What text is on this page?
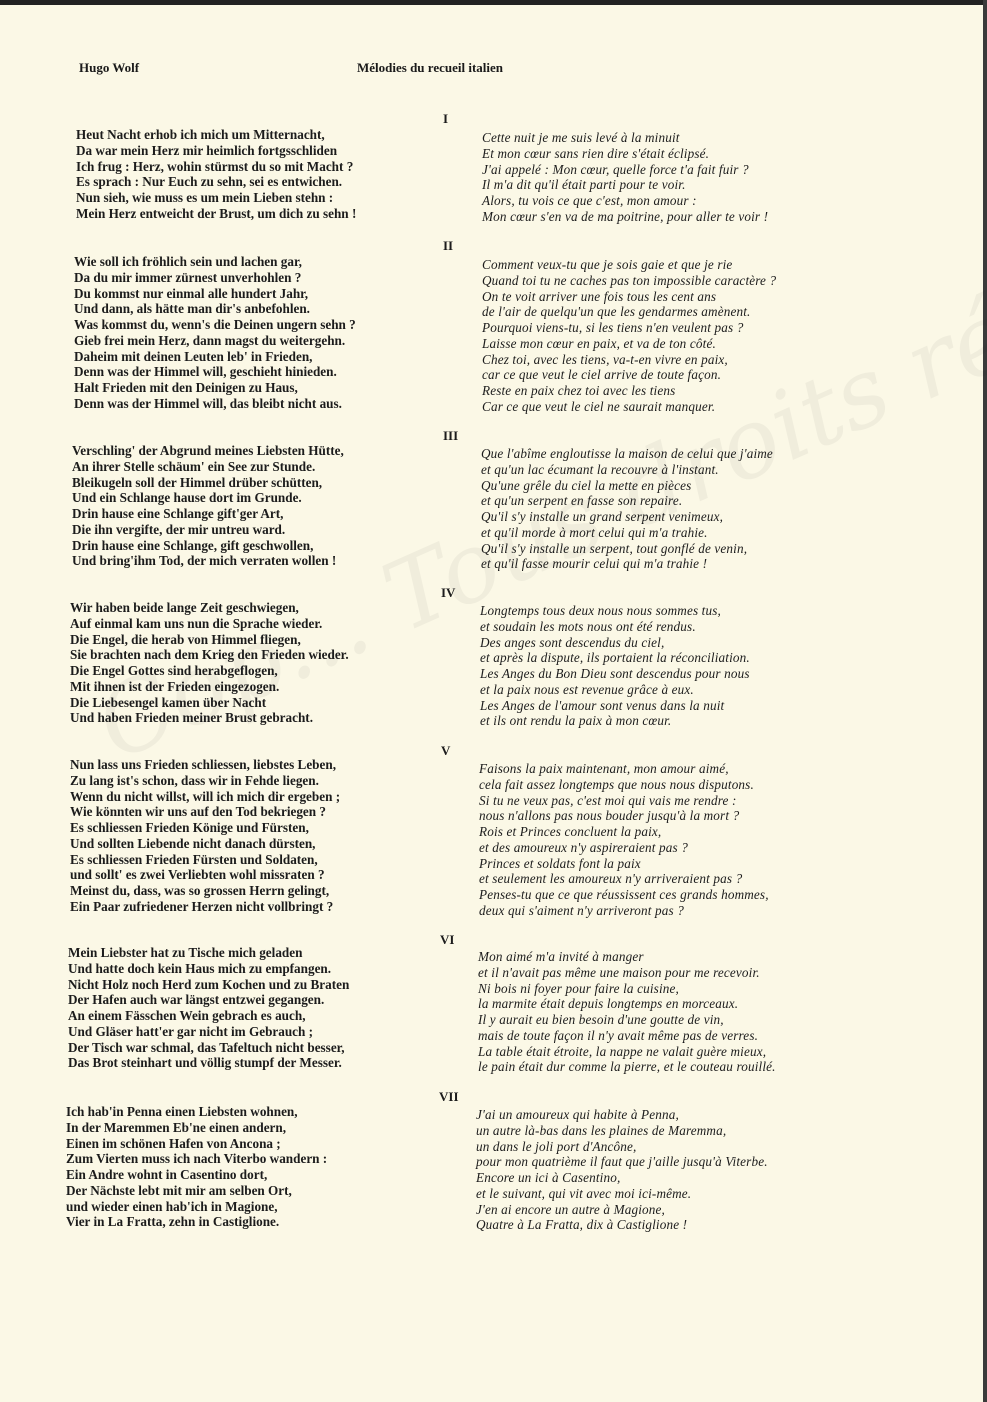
Hugo Wolf	Mélodies du recueil italien
I
Heut Nacht erhob ich mich um Mitternacht,
Da war mein Herz mir heimlich fortgsschliden
Ich frug : Herz, wohin stürmst du so mit Macht ?
Es sprach : Nur Euch zu sehn, sei es entwichen.
Nun sieh, wie muss es um mein Lieben stehn :
Mein Herz entweicht der Brust, um dich zu sehn !
Cette nuit je me suis levé à la minuit
Et mon cœur sans rien dire s'était éclipsé.
J'ai appelé : Mon cœur, quelle force t'a fait fuir ?
Il m'a dit qu'il était parti pour te voir.
Alors, tu vois ce que c'est, mon amour :
Mon cœur s'en va de ma poitrine, pour aller te voir !
II
Wie soll ich fröhlich sein und lachen gar,
Da du mir immer zürnest unverhohlen ?
Du kommst nur einmal alle hundert Jahr,
Und dann, als hätte man dir's anbefohlen.
Was kommst du, wenn's die Deinen ungern sehn ?
Gieb frei mein Herz, dann magst du weitergehn.
Daheim mit deinen Leuten leb' in Frieden,
Denn was der Himmel will, geschieht hinieden.
Halt Frieden mit den Deinigen zu Haus,
Denn was der Himmel will, das bleibt nicht aus.
Comment veux-tu que je sois gaie et que je rie
Quand toi tu ne caches pas ton impossible caractère ?
On te voit arriver une fois tous les cent ans
de l'air de quelqu'un que les gendarmes amènent.
Pourquoi viens-tu, si les tiens n'en veulent pas ?
Laisse mon cœur en paix, et va de ton côté.
Chez toi, avec les tiens, va-t-en vivre en paix,
car ce que veut le ciel arrive de toute façon.
Reste en paix chez toi avec les tiens
Car ce que veut le ciel ne saurait manquer.
III
Verschling' der Abgrund meines Liebsten Hütte,
An ihrer Stelle schäum' ein See zur Stunde.
Bleikugeln soll der Himmel drüber schütten,
Und ein Schlange hause dort im Grunde.
Drin hause eine Schlange gift'ger Art,
Die ihn vergifte, der mir untreu ward.
Drin hause eine Schlange, gift geschwollen,
Und bring'ihm Tod, der mich verraten wollen !
Que l'abîme engloutisse la maison de celui que j'aime
et qu'un lac écumant la recouvre à l'instant.
Qu'une grêle du ciel la mette en pièces
et qu'un serpent en fasse son repaire.
Qu'il s'y installe un grand serpent venimeux,
et qu'il morde à mort celui qui m'a trahie.
Qu'il s'y installe un serpent, tout gonflé de venin,
et qu'il fasse mourir celui qui m'a trahie !
IV
Wir haben beide lange Zeit geschwiegen,
Auf einmal kam uns nun die Sprache wieder.
Die Engel, die herab von Himmel fliegen,
Sie brachten nach dem Krieg den Frieden wieder.
Die Engel Gottes sind herabgeflogen,
Mit ihnen ist der Frieden eingezogen.
Die Liebesengel kamen über Nacht
Und haben Frieden meiner Brust gebracht.
Longtemps tous deux nous nous sommes tus,
et soudain les mots nous ont été rendus.
Des anges sont descendus du ciel,
et après la dispute, ils portaient la réconciliation.
Les Anges du Bon Dieu sont descendus pour nous
et la paix nous est revenue grâce à eux.
Les Anges de l'amour sont venus dans la nuit
et ils ont rendu la paix à mon cœur.
V
Nun lass uns Frieden schliessen, liebstes Leben,
Zu lang ist's schon, dass wir in Fehde liegen.
Wenn du nicht willst, will ich mich dir ergeben ;
Wie könnten wir uns auf den Tod bekriegen ?
Es schliessen Frieden Könige und Fürsten,
Und sollten Liebende nicht danach dürsten,
Es schliessen Frieden Fürsten und Soldaten,
und sollt' es zwei Verliebten wohl missraten ?
Meinst du, dass, was so grossen Herrn gelingt,
Ein Paar zufriedener Herzen nicht vollbringt ?
Faisons la paix maintenant, mon amour aimé,
cela fait assez longtemps que nous nous disputons.
Si tu ne veux pas, c'est moi qui vais me rendre :
nous n'allons pas nous bouder jusqu'à la mort ?
Rois et Princes concluent la paix,
et des amoureux n'y aspireraient pas ?
Princes et soldats font la paix
et seulement les amoureux n'y arriveraient pas ?
Penses-tu que ce que réussissent ces grands hommes,
deux qui s'aiment n'y arriveront pas ?
VI
Mein Liebster hat zu Tische mich geladen
Und hatte doch kein Haus mich zu empfangen.
Nicht Holz noch Herd zum Kochen und zu Braten
Der Hafen auch war längst entzwei gegangen.
An einem Fässchen Wein gebrach es auch,
Und Gläser hatt'er gar nicht im Gebrauch ;
Der Tisch war schmal, das Tafeltuch nicht besser,
Das Brot steinhart und völlig stumpf der Messer.
Mon aimé m'a invité à manger
et il n'avait pas même une maison pour me recevoir.
Ni bois ni foyer pour faire la cuisine,
la marmite était depuis longtemps en morceaux.
Il y aurait eu bien besoin d'une goutte de vin,
mais de toute façon il n'y avait même pas de verres.
La table était étroite, la nappe ne valait guère mieux,
le pain était dur comme la pierre, et le couteau rouillé.
VII
Ich hab'in Penna einen Liebsten wohnen,
In der Maremmen Eb'ne einen andern,
Einen im schönen Hafen von Ancona ;
Zum Vierten muss ich nach Viterbo wandern :
Ein Andre wohnt in Casentino dort,
Der Nächste lebt mit mir am selben Ort,
und wieder einen hab'ich in Magione,
Vier in La Fratta, zehn in Castiglione.
J'ai un amoureux qui habite à Penna,
un autre là-bas dans les plaines de Maremma,
un dans le joli port d'Ancône,
pour mon quatrième il faut que j'aille jusqu'à Viterbe.
Encore un ici à Casentino,
et le suivant, qui vit avec moi ici-même.
J'en ai encore un autre à Magione,
Quatre à La Fratta, dix à Castiglione !
